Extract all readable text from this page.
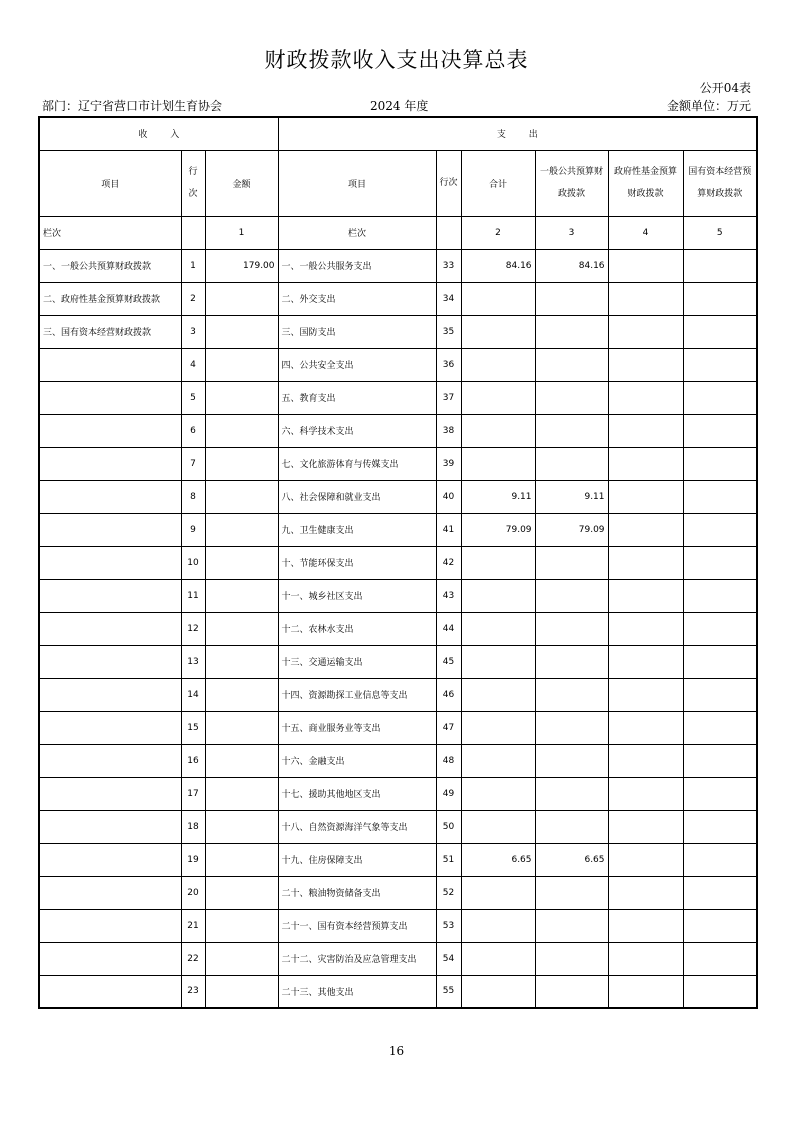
财政拨款收入支出决算总表
公开04表
部门：辽宁省营口市计划生育协会	2024 年度	金额单位：万元
收        入			支        出					
项目	行次	金额	项目	行次	合计	一般公共预算财政拨款	政府性基金预算财政拨款	国有资本经营预算财政拨款
栏次		1	栏次		2	3	4	5
一、一般公共预算财政拨款	1	179.00	一、一般公共服务支出	33	84.16	84.16		
二、政府性基金预算财政拨款	2		二、外交支出	34				
三、国有资本经营财政拨款	3		三、国防支出	35				
	4		四、公共安全支出	36				
	5		五、教育支出	37				
	6		六、科学技术支出	38				
	7		七、文化旅游体育与传媒支出	39				
	8		八、社会保障和就业支出	40	9.11	9.11		
	9		九、卫生健康支出	41	79.09	79.09		
	10		十、节能环保支出	42				
	11		十一、城乡社区支出	43				
	12		十二、农林水支出	44				
	13		十三、交通运输支出	45				
	14		十四、资源勘探工业信息等支出	46				
	15		十五、商业服务业等支出	47				
	16		十六、金融支出	48				
	17		十七、援助其他地区支出	49				
	18		十八、自然资源海洋气象等支出	50				
	19		十九、住房保障支出	51	6.65	6.65		
	20		二十、粮油物资储备支出	52				
	21		二十一、国有资本经营预算支出	53				
	22		二十二、灾害防治及应急管理支出	54				
	23		二十三、其他支出	55				
16
